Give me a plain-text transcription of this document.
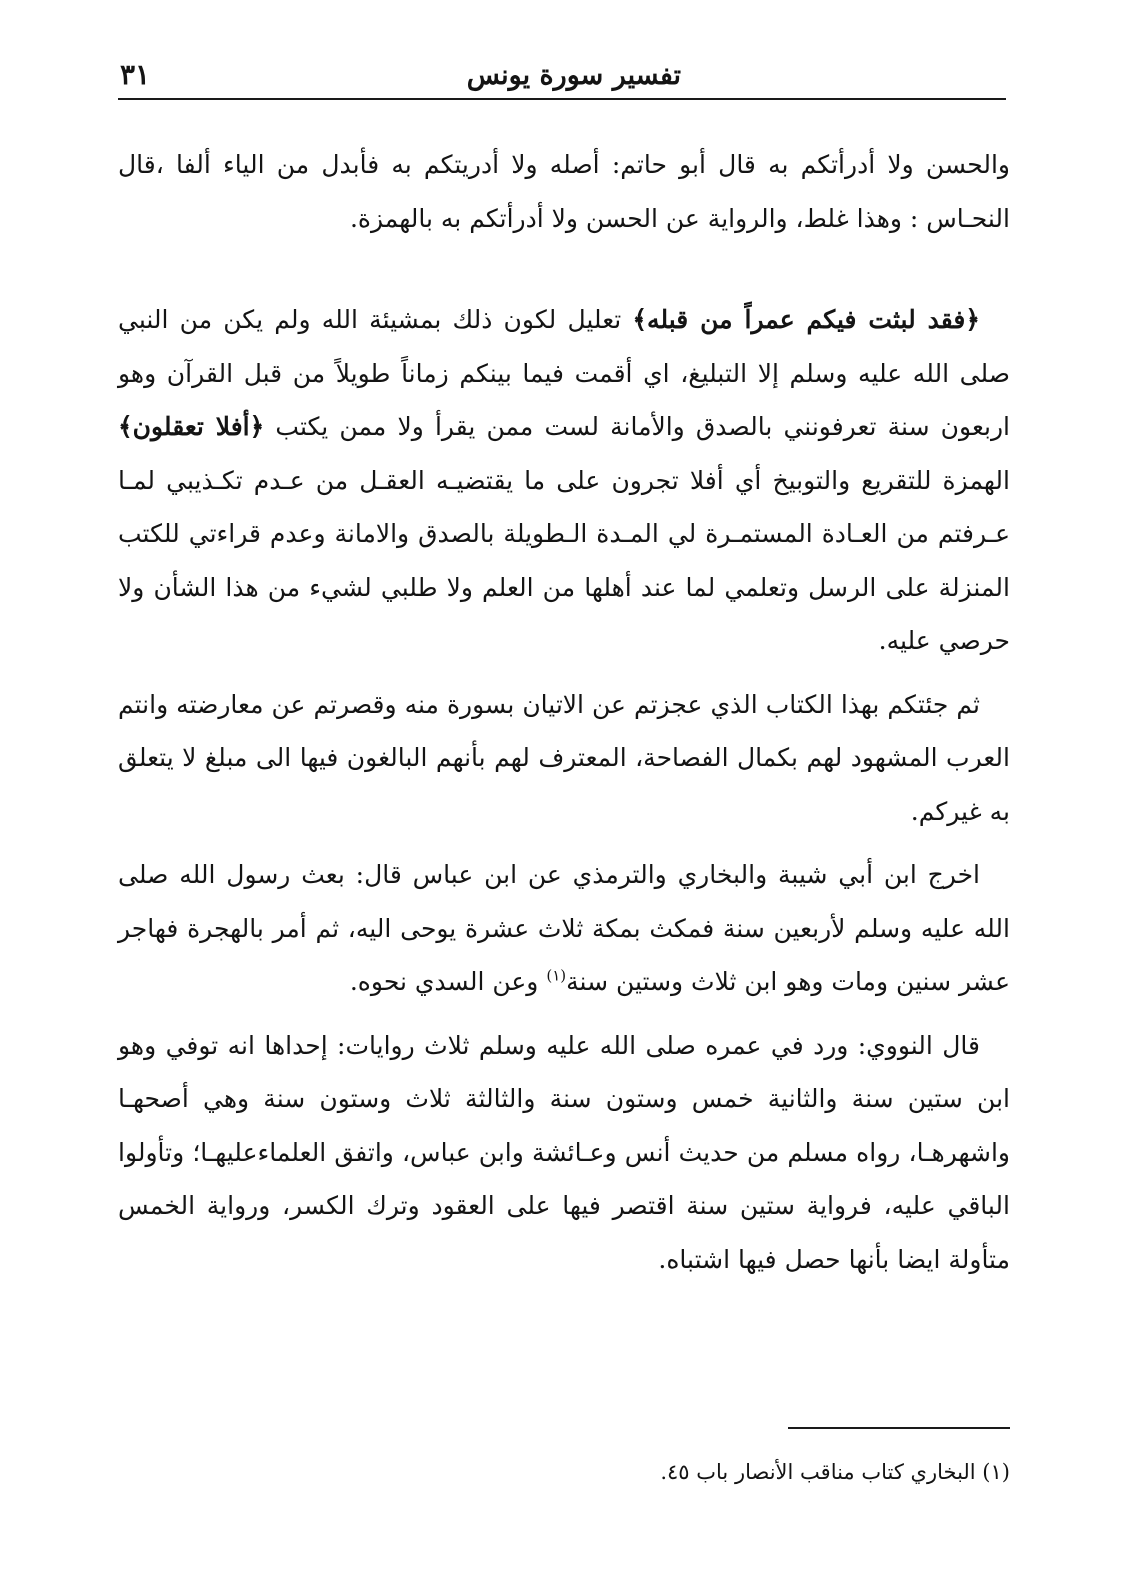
تفسير سورة يونس
٣١

والحسن ولا أدرأتكم به قال أبو حاتم: أصله ولا أدريتكم به فأبدل من الياء ألفا ،قال النحـاس : وهذا غلط، والرواية عن الحسن ولا أدرأتكم به بالهمزة.

﴿فقد لبثت فيكم عمراً من قبله﴾ تعليل لكون ذلك بمشيئة الله ولم يكن من النبي صلى الله عليه وسلم إلا التبليغ، اي أقمت فيما بينكم زماناً طويلاً من قبل القرآن وهو اربعون سنة تعرفونني بالصدق والأمانة لست ممن يقرأ ولا ممن يكتب ﴿أفلا تعقلون﴾ الهمزة للتقريع والتوبيخ أي أفلا تجرون على ما يقتضيـه العقـل من عـدم تكـذيبي لمـا عـرفتم من العـادة المستمـرة لي المـدة الـطويلة بالصدق والامانة وعدم قراءتي للكتب المنزلة على الرسل وتعلمي لما عند أهلها من العلم ولا طلبي لشيء من هذا الشأن ولا حرصي عليه.

ثم جئتكم بهذا الكتاب الذي عجزتم عن الاتيان بسورة منه وقصرتم عن معارضته وانتم العرب المشهود لهم بكمال الفصاحة، المعترف لهم بأنهم البالغون فيها الى مبلغ لا يتعلق به غيركم.

اخرج ابن أبي شيبة والبخاري والترمذي عن ابن عباس قال: بعث رسول الله صلى الله عليه وسلم لأربعين سنة فمكث بمكة ثلاث عشرة يوحى اليه، ثم أمر بالهجرة فهاجر عشر سنين ومات وهو ابن ثلاث وستين سنة$^{(١)}$ وعن السدي نحوه.

قال النووي: ورد في عمره صلى الله عليه وسلم ثلاث روايات: إحداها انه توفي وهو ابن ستين سنة والثانية خمس وستون سنة والثالثة ثلاث وستون سنة وهي أصحهـا واشهرهـا، رواه مسلم من حديث أنس وعـائشة وابن عباس، واتفق العلماءعليهـا؛ وتأولوا الباقي عليه، فرواية ستين سنة اقتصر فيها على العقود وترك الكسر، ورواية الخمس متأولة ايضا بأنها حصل فيها اشتباه.

(١) البخاري كتاب مناقب الأنصار باب ٤٥.
